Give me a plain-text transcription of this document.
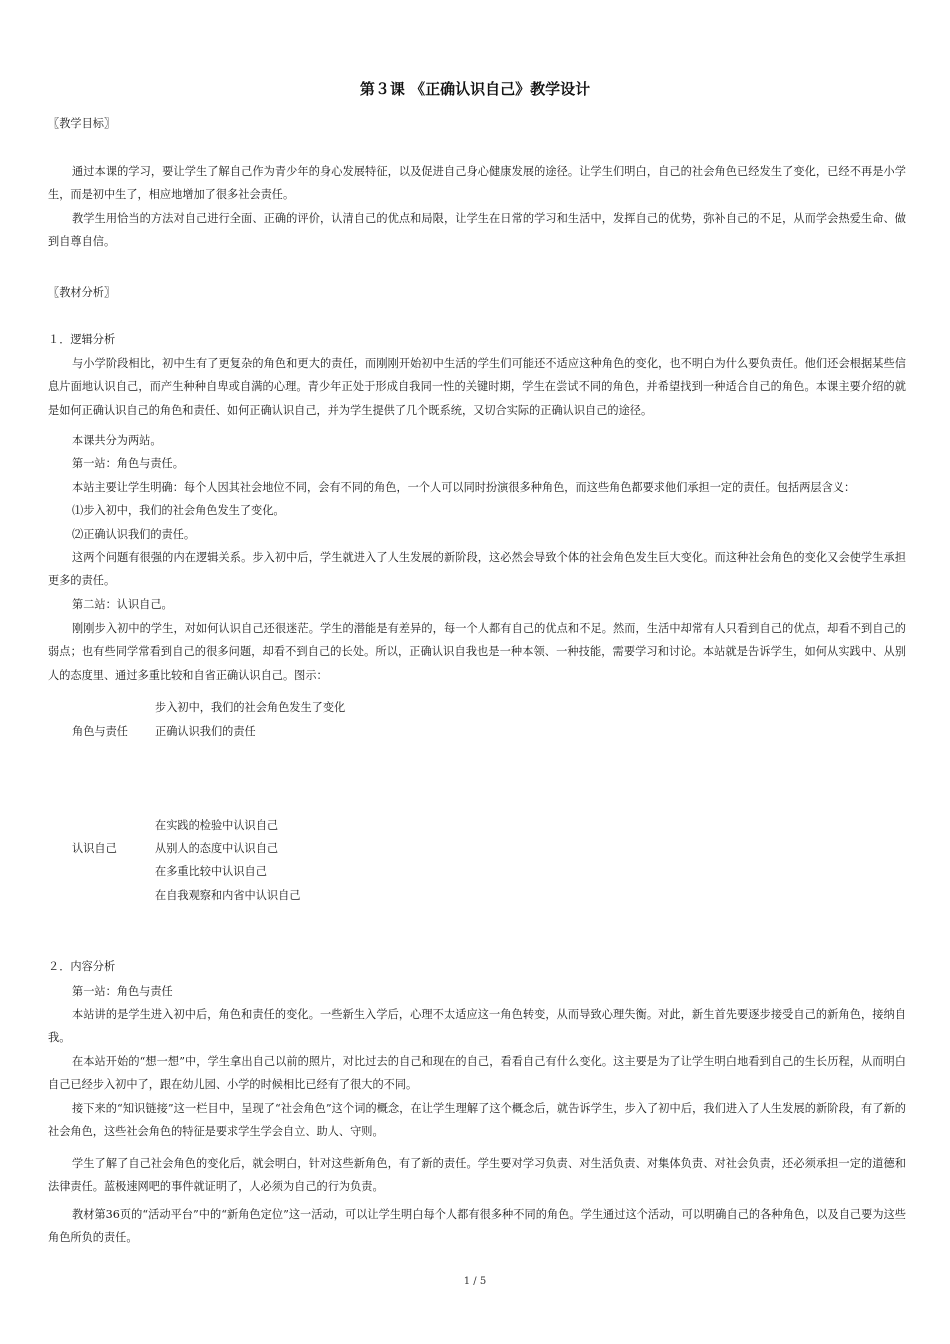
第３课 《正确认识自己》教学设计
〖教学目标〗
通过本课的学习，要让学生了解自己作为青少年的身心发展特征，以及促进自己身心健康发展的途径。让学生们明白，自己的社会角色已经发生了变化，已经不再是小学生，而是初中生了，相应地增加了很多社会责任。
教学生用恰当的方法对自己进行全面、正确的评价，认清自己的优点和局限，让学生在日常的学习和生活中，发挥自己的优势，弥补自己的不足，从而学会热爱生命、做到自尊自信。
〖教材分析〗
１．逻辑分析
与小学阶段相比，初中生有了更复杂的角色和更大的责任，而刚刚开始初中生活的学生们可能还不适应这种角色的变化，也不明白为什么要负责任。他们还会根据某些信息片面地认识自己，而产生种种自卑或自满的心理。青少年正处于形成自我同一性的关键时期，学生在尝试不同的角色，并希望找到一种适合自己的角色。本课主要介绍的就是如何正确认识自己的角色和责任、如何正确认识自己，并为学生提供了几个既系统，又切合实际的正确认识自己的途径。
本课共分为两站。
第一站：角色与责任。
本站主要让学生明确：每个人因其社会地位不同，会有不同的角色，一个人可以同时扮演很多种角色，而这些角色都要求他们承担一定的责任。包括两层含义：
⑴步入初中，我们的社会角色发生了变化。
⑵正确认识我们的责任。
这两个问题有很强的内在逻辑关系。步入初中后，学生就进入了人生发展的新阶段，这必然会导致个体的社会角色发生巨大变化。而这种社会角色的变化又会使学生承担更多的责任。
第二站：认识自己。
刚刚步入初中的学生，对如何认识自己还很迷茫。学生的潜能是有差异的，每一个人都有自己的优点和不足。然而，生活中却常有人只看到自己的优点，却看不到自己的弱点；也有些同学常看到自己的很多问题，却看不到自己的长处。所以，正确认识自我也是一种本领、一种技能，需要学习和讨论。本站就是告诉学生，如何从实践中、从别人的态度里、通过多重比较和自省正确认识自己。图示：
步入初中，我们的社会角色发生了变化
角色与责任 正确认识我们的责任
在实践的检验中认识自己
认识自己	从别人的态度中认识自己
在多重比较中认识自己
在自我观察和内省中认识自己
２．内容分析
第一站：角色与责任
本站讲的是学生进入初中后，角色和责任的变化。一些新生入学后，心理不太适应这一角色转变，从而导致心理失衡。对此，新生首先要逐步接受自己的新角色，接纳自我。
在本站开始的“想一想”中，学生拿出自己以前的照片，对比过去的自己和现在的自己，看看自己有什么变化。这主要是为了让学生明白地看到自己的生长历程，从而明白自己已经步入初中了，跟在幼儿园、小学的时候相比已经有了很大的不同。
接下来的“知识链接”这一栏目中，呈现了“社会角色”这个词的概念，在让学生理解了这个概念后，就告诉学生，步入了初中后，我们进入了人生发展的新阶段，有了新的社会角色，这些社会角色的特征是要求学生学会自立、助人、守则。
学生了解了自己社会角色的变化后，就会明白，针对这些新角色，有了新的责任。学生要对学习负责、对生活负责、对集体负责、对社会负责，还必须承担一定的道德和法律责任。蓝极速网吧的事件就证明了，人必须为自己的行为负责。
教材第36页的“活动平台”中的“新角色定位”这一活动，可以让学生明白每个人都有很多种不同的角色。学生通过这个活动，可以明确自己的各种角色，以及自己要为这些角色所负的责任。
1 / 5
